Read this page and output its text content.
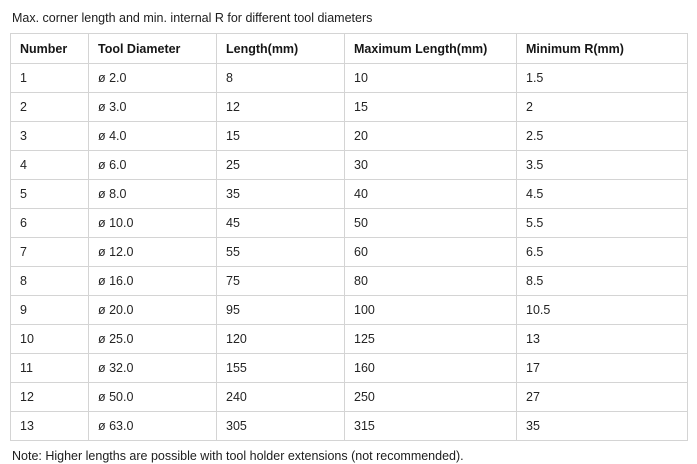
Max. corner length and min. internal R for different tool diameters
Number	Tool Diameter	Length(mm)	Maximum Length(mm)	Minimum R(mm)
1	ø 2.0	8	10	1.5
2	ø 3.0	12	15	2
3	ø 4.0	15	20	2.5
4	ø 6.0	25	30	3.5
5	ø 8.0	35	40	4.5
6	ø 10.0	45	50	5.5
7	ø 12.0	55	60	6.5
8	ø 16.0	75	80	8.5
9	ø 20.0	95	100	10.5
10	ø 25.0	120	125	13
11	ø 32.0	155	160	17
12	ø 50.0	240	250	27
13	ø 63.0	305	315	35
Note: Higher lengths are possible with tool holder extensions (not recommended).
